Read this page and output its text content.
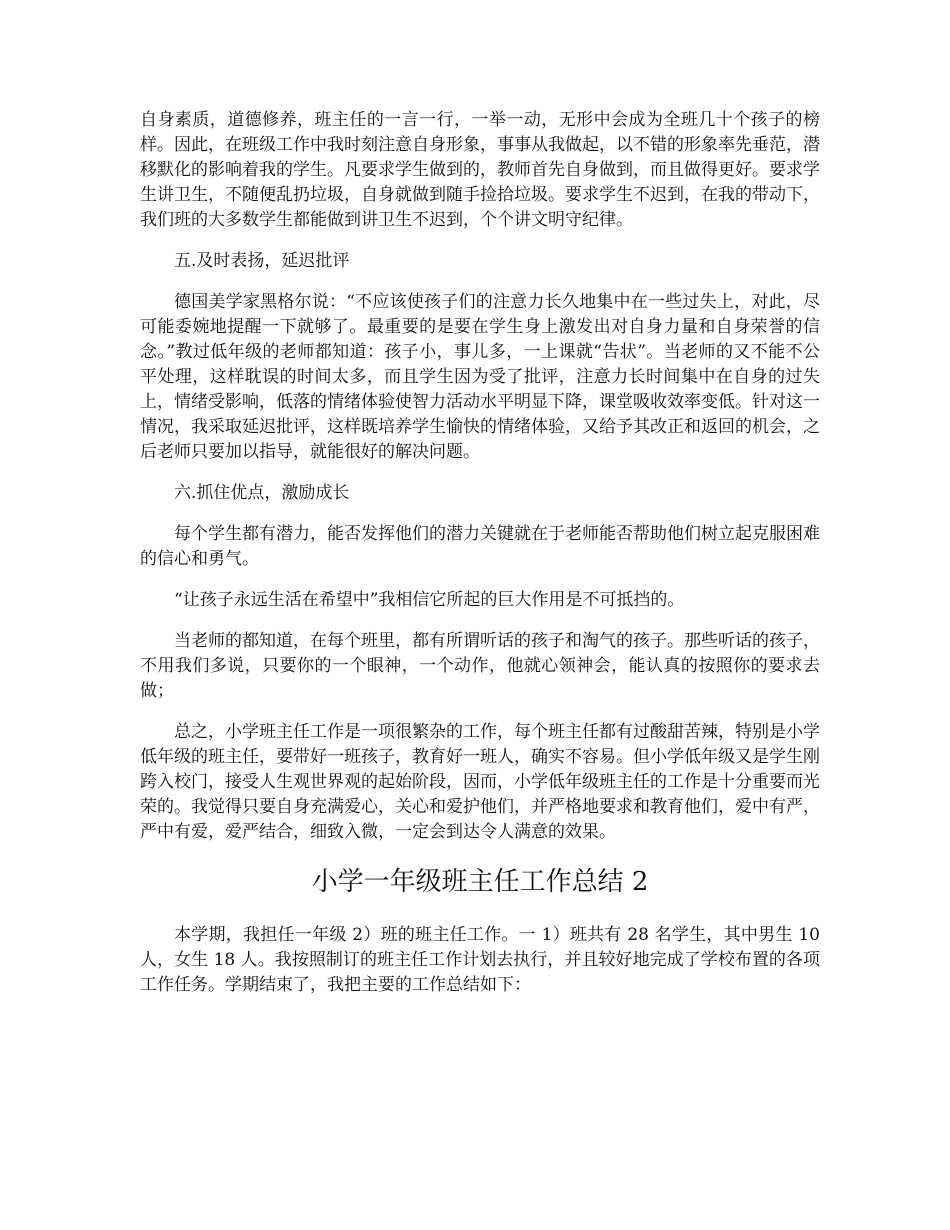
自身素质，道德修养，班主任的一言一行，一举一动，无形中会成为全班几十个孩子的榜样。因此，在班级工作中我时刻注意自身形象，事事从我做起，以不错的形象率先垂范，潜移默化的影响着我的学生。凡要求学生做到的，教师首先自身做到，而且做得更好。要求学生讲卫生，不随便乱扔垃圾，自身就做到随手捡拾垃圾。要求学生不迟到，在我的带动下，我们班的大多数学生都能做到讲卫生不迟到，个个讲文明守纪律。

五.及时表扬，延迟批评

德国美学家黑格尔说：“不应该使孩子们的注意力长久地集中在一些过失上，对此，尽可能委婉地提醒一下就够了。最重要的是要在学生身上激发出对自身力量和自身荣誉的信念。”教过低年级的老师都知道：孩子小，事儿多，一上课就“告状”。当老师的又不能不公平处理，这样耽误的时间太多，而且学生因为受了批评，注意力长时间集中在自身的过失上，情绪受影响，低落的情绪体验使智力活动水平明显下降，课堂吸收效率变低。针对这一情况，我采取延迟批评，这样既培养学生愉快的情绪体验，又给予其改正和返回的机会，之后老师只要加以指导，就能很好的解决问题。

六.抓住优点，激励成长

每个学生都有潜力，能否发挥他们的潜力关键就在于老师能否帮助他们树立起克服困难的信心和勇气。

“让孩子永远生活在希望中”我相信它所起的巨大作用是不可抵挡的。

当老师的都知道，在每个班里，都有所谓听话的孩子和淘气的孩子。那些听话的孩子，不用我们多说，只要你的一个眼神，一个动作，他就心领神会，能认真的按照你的要求去做；

总之，小学班主任工作是一项很繁杂的工作，每个班主任都有过酸甜苦辣，特别是小学低年级的班主任，要带好一班孩子，教育好一班人，确实不容易。但小学低年级又是学生刚跨入校门，接受人生观世界观的起始阶段，因而，小学低年级班主任的工作是十分重要而光荣的。我觉得只要自身充满爱心，关心和爱护他们，并严格地要求和教育他们，爱中有严，严中有爱，爱严结合，细致入微，一定会到达令人满意的效果。

小学一年级班主任工作总结 2

本学期，我担任一年级 2）班的班主任工作。一 1）班共有 28 名学生，其中男生 10 人，女生 18 人。我按照制订的班主任工作计划去执行，并且较好地完成了学校布置的各项工作任务。学期结束了，我把主要的工作总结如下：
